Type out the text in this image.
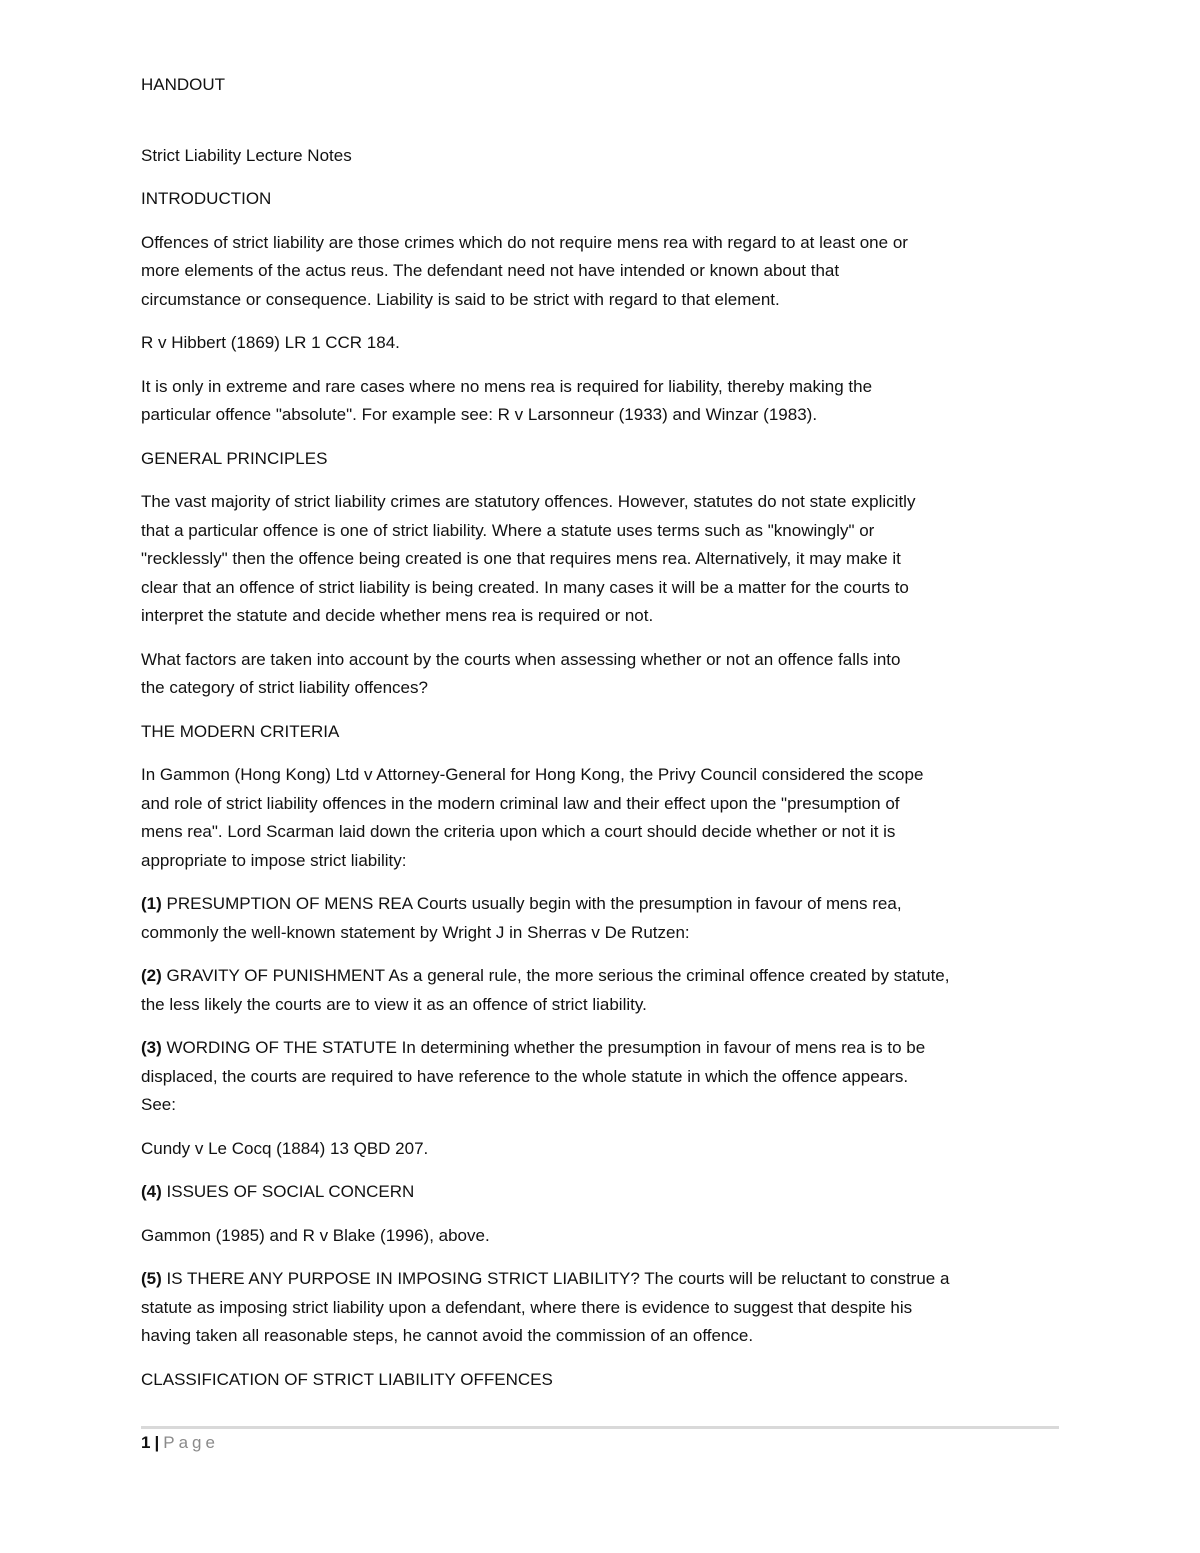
HANDOUT

Strict Liability Lecture Notes

INTRODUCTION

Offences of strict liability are those crimes which do not require mens rea with regard to at least one or
more elements of the actus reus. The defendant need not have intended or known about that
circumstance or consequence. Liability is said to be strict with regard to that element.

R v Hibbert (1869) LR 1 CCR 184.

It is only in extreme and rare cases where no mens rea is required for liability, thereby making the
particular offence "absolute". For example see: R v Larsonneur (1933) and Winzar (1983).

GENERAL PRINCIPLES

The vast majority of strict liability crimes are statutory offences. However, statutes do not state explicitly
that a particular offence is one of strict liability. Where a statute uses terms such as "knowingly" or
"recklessly" then the offence being created is one that requires mens rea. Alternatively, it may make it
clear that an offence of strict liability is being created. In many cases it will be a matter for the courts to
interpret the statute and decide whether mens rea is required or not.

What factors are taken into account by the courts when assessing whether or not an offence falls into
the category of strict liability offences?

THE MODERN CRITERIA

In Gammon (Hong Kong) Ltd v Attorney-General for Hong Kong, the Privy Council considered the scope
and role of strict liability offences in the modern criminal law and their effect upon the "presumption of
mens rea". Lord Scarman laid down the criteria upon which a court should decide whether or not it is
appropriate to impose strict liability:

(1) PRESUMPTION OF MENS REA Courts usually begin with the presumption in favour of mens rea,
commonly the well-known statement by Wright J in Sherras v De Rutzen:

(2) GRAVITY OF PUNISHMENT As a general rule, the more serious the criminal offence created by statute,
the less likely the courts are to view it as an offence of strict liability.

(3) WORDING OF THE STATUTE In determining whether the presumption in favour of mens rea is to be
displaced, the courts are required to have reference to the whole statute in which the offence appears.
See:

Cundy v Le Cocq (1884) 13 QBD 207.

(4) ISSUES OF SOCIAL CONCERN

Gammon (1985) and R v Blake (1996), above.

(5) IS THERE ANY PURPOSE IN IMPOSING STRICT LIABILITY? The courts will be reluctant to construe a
statute as imposing strict liability upon a defendant, where there is evidence to suggest that despite his
having taken all reasonable steps, he cannot avoid the commission of an offence.

CLASSIFICATION OF STRICT LIABILITY OFFENCES

1 | Page
